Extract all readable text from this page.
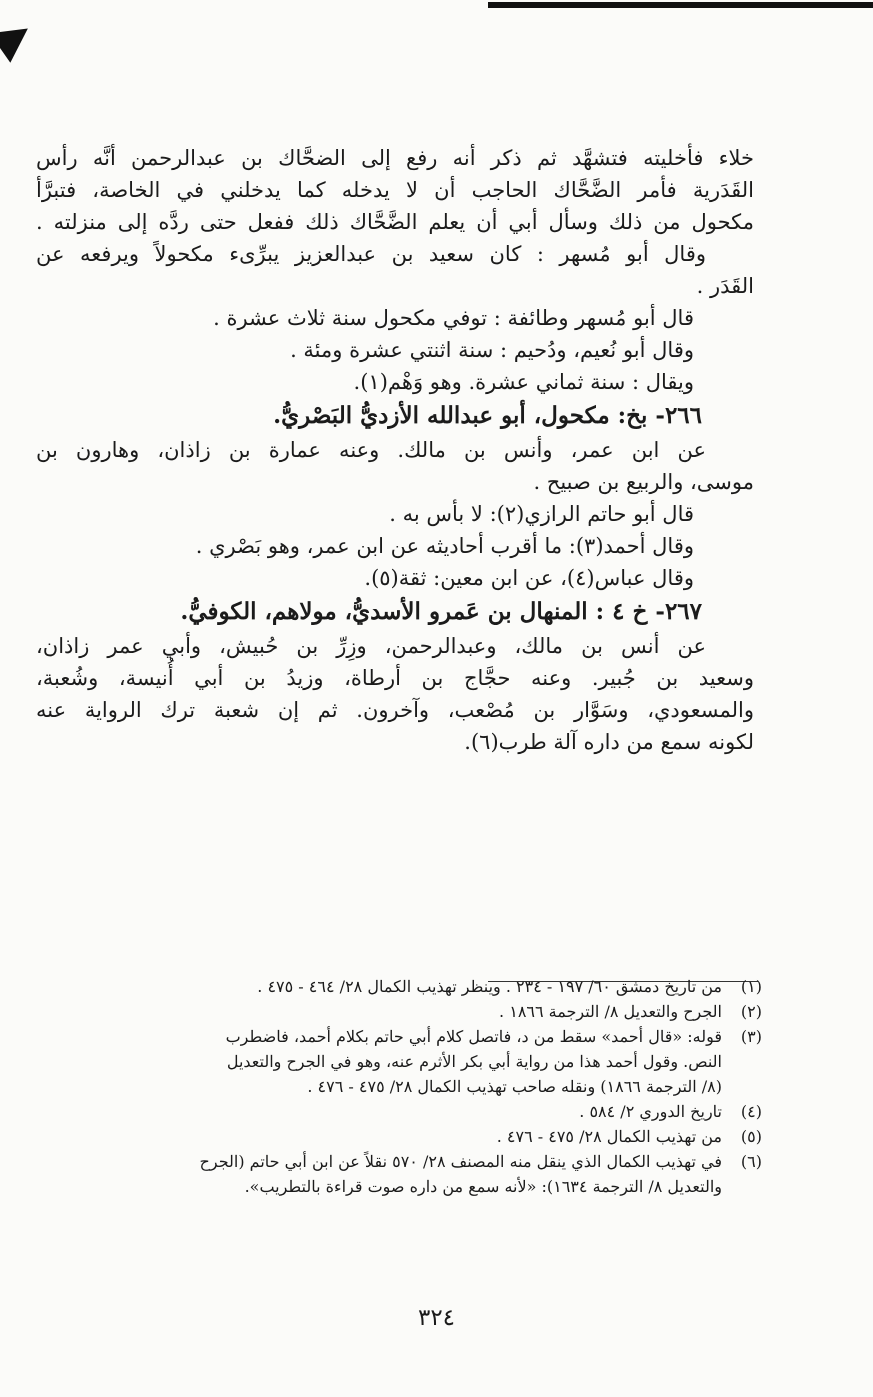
خلاء فأخليته فتشهَّد ثم ذكر أنه رفع إلى الضحَّاك بن عبدالرحمن أنَّه رأس
القَدَرية فأمر الضَّحَّاك الحاجب أن لا يدخله كما يدخلني في الخاصة، فتبرَّأ
مكحول من ذلك وسأل أبي أن يعلم الضَّحَّاك ذلك ففعل حتى ردَّه إلى منزلته .
وقال أبو مُسهر : كان سعيد بن عبدالعزيز يبرِّىء مكحولاً ويرفعه عن
القَدَر .
قال أبو مُسهر وطائفة : توفي مكحول سنة ثلاث عشرة .
وقال أبو نُعيم، ودُحيم : سنة اثنتي عشرة ومئة .
ويقال : سنة ثماني عشرة. وهو وَهْم(١).
٢٦٦- بخ: مكحول، أبو عبدالله الأزديُّ البَصْريُّ.
عن ابن عمر، وأنس بن مالك. وعنه عمارة بن زاذان، وهارون بن
موسى، والربيع بن صبيح .
قال أبو حاتم الرازي(٢): لا بأس به .
وقال أحمد(٣): ما أقرب أحاديثه عن ابن عمر، وهو بَصْري .
وقال عباس(٤)، عن ابن معين: ثقة(٥).
٢٦٧- خ ٤ : المنهال بن عَمرو الأسديُّ، مولاهم، الكوفيُّ.
عن أنس بن مالك، وعبدالرحمن، وزِرِّ بن حُبيش، وأبي عمر زاذان،
وسعيد بن جُبير. وعنه حجَّاج بن أرطاة، وزيدُ بن أبي أُنيسة، وشُعبة،
والمسعودي، وسَوَّار بن مُصْعب، وآخرون. ثم إن شعبة ترك الرواية عنه
لكونه سمع من داره آلة طرب(٦).
(١)
من تاريخ دمشق ٦٠/ ١٩٧ - ٢٣٤ . وينظر تهذيب الكمال ٢٨/ ٤٦٤ - ٤٧٥ .
(٢)
الجرح والتعديل ٨/ الترجمة ١٨٦٦ .
(٣)
قوله: «قال أحمد» سقط من د، فاتصل كلام أبي حاتم بكلام أحمد، فاضطرب
النص. وقول أحمد هذا من رواية أبي بكر الأثرم عنه، وهو في الجرح والتعديل
(٨/ الترجمة ١٨٦٦) ونقله صاحب تهذيب الكمال ٢٨/ ٤٧٥ - ٤٧٦ .
(٤)
تاريخ الدوري ٢/ ٥٨٤ .
(٥)
من تهذيب الكمال ٢٨/ ٤٧٥ - ٤٧٦ .
(٦)
في تهذيب الكمال الذي ينقل منه المصنف ٢٨/ ٥٧٠ نقلاً عن ابن أبي حاتم (الجرح
والتعديل ٨/ الترجمة ١٦٣٤): «لأنه سمع من داره صوت قراءة بالتطريب».
٣٢٤
